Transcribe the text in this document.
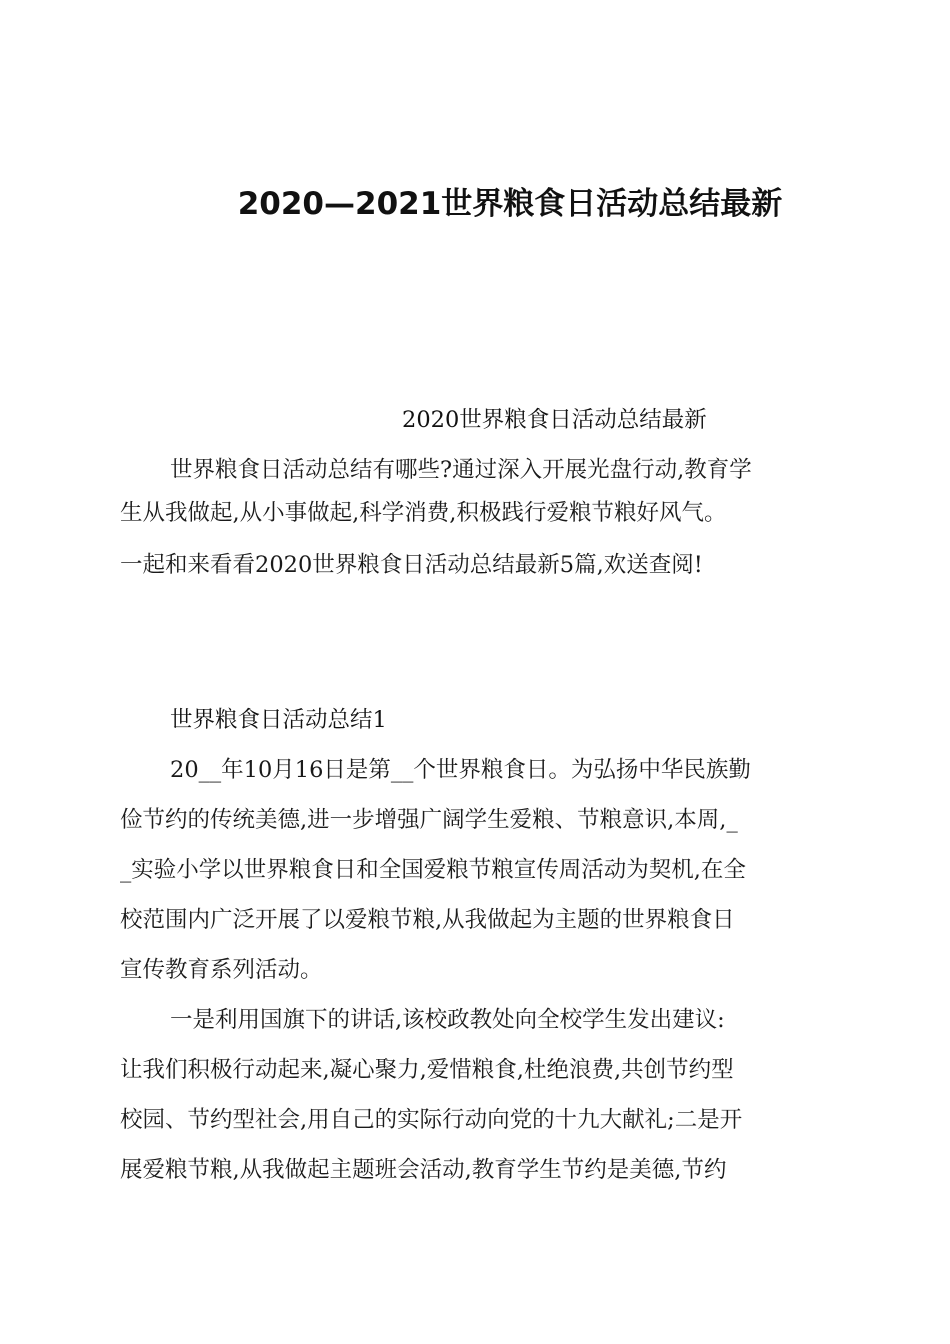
2020—2021世界粮食日活动总结最新
2020世界粮食日活动总结最新
世界粮食日活动总结有哪些?通过深入开展光盘行动,教育学
生从我做起,从小事做起,科学消费,积极践行爱粮节粮好风气。
一起和来看看2020世界粮食日活动总结最新5篇,欢送查阅!
世界粮食日活动总结1
20__年10月16日是第__个世界粮食日。为弘扬中华民族勤
俭节约的传统美德,进一步增强广阔学生爱粮、节粮意识,本周,_
_实验小学以世界粮食日和全国爱粮节粮宣传周活动为契机,在全
校范围内广泛开展了以爱粮节粮,从我做起为主题的世界粮食日
宣传教育系列活动。
一是利用国旗下的讲话,该校政教处向全校学生发出建议:
让我们积极行动起来,凝心聚力,爱惜粮食,杜绝浪费,共创节约型
校园、节约型社会,用自己的实际行动向党的十九大献礼;二是开
展爱粮节粮,从我做起主题班会活动,教育学生节约是美德,节约
